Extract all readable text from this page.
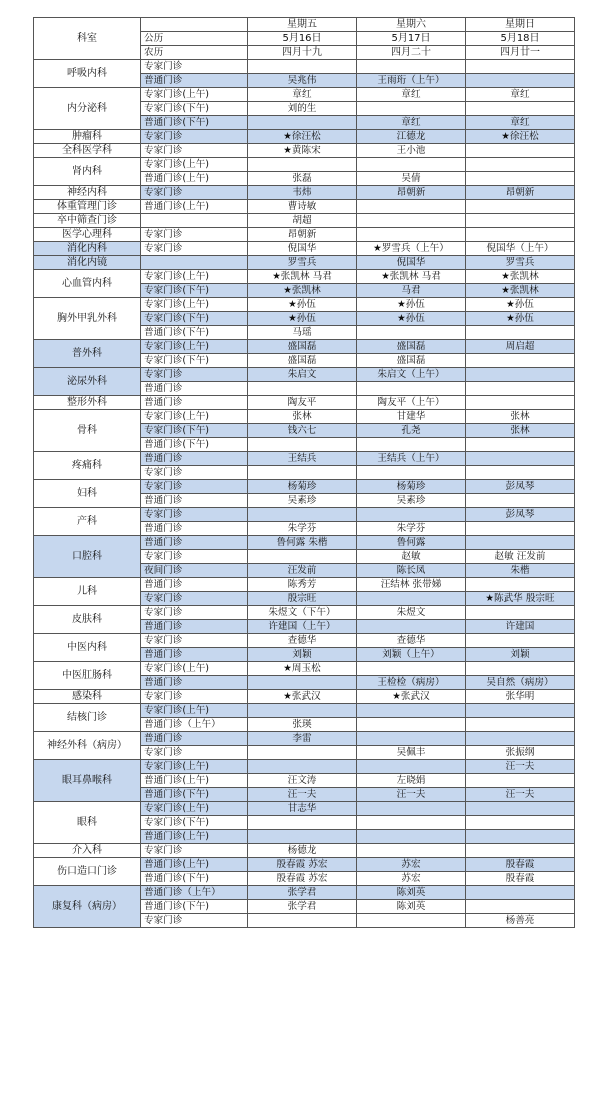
科室		星期五	星期六	星期日
	公历	5月16日	5月17日	5月18日
	农历	四月十九	四月二十	四月廿一
呼吸内科	专家门诊			
	普通门诊	吴兆伟	王雨珩（上午）	
内分泌科	专家门诊(上午)	章红	章红	章红
	专家门诊(下午)	刘的生		
	普通门诊(下午)		章红	章红
肿瘤科	专家门诊	★徐汪松	江德龙	★徐汪松
全科医学科	专家门诊	★黄陈宋	王小池	
肾内科	专家门诊(上午)			
	普通门诊(上午)	张磊	吴倩	
神经内科	专家门诊	韦炜	昂朝新	昂朝新
体重管理门诊	普通门诊(上午)	曹诗敏		
卒中筛查门诊		胡超		
医学心理科	专家门诊	昂朝新		
消化内科	专家门诊	倪国华	★罗雪兵（上午）	倪国华（上午）
消化内镜		罗雪兵	倪国华	罗雪兵
心血管内科	专家门诊(上午)	★张凯林 马君	★张凯林 马君	★张凯林
	专家门诊(下午)	★张凯林	马君	★张凯林
胸外甲乳外科	专家门诊(上午)	★孙伍	★孙伍	★孙伍
	专家门诊(下午)	★孙伍	★孙伍	★孙伍
	普通门诊(下午)	马瑶		
普外科	专家门诊(上午)	盛国磊	盛国磊	周启超
	专家门诊(下午)	盛国磊	盛国磊	
泌尿外科	专家门诊	朱启文	朱启文（上午）	
	普通门诊			
整形外科	普通门诊	陶友平	陶友平（上午）	
骨科	专家门诊(上午)	张林	甘建华	张林
	专家门诊(下午)	钱六七	孔尧	张林
	普通门诊(下午)			
疼痛科	普通门诊	王结兵	王结兵（上午）	
	专家门诊			
妇科	专家门诊	杨菊珍	杨菊珍	彭凤琴
	普通门诊	吴素珍	吴素珍	
产科	专家门诊			彭凤琴
	普通门诊	朱学芬	朱学芬	
口腔科	普通门诊	鲁何露 朱楷	鲁何露	
	专家门诊		赵敏	赵敏 汪发前
	夜间门诊	汪发前	陈长凤	朱楷
儿科	普通门诊	陈秀芳	汪结林 张带娣	
	专家门诊	殷宗旺		★陈武华 殷宗旺
皮肤科	专家门诊	朱煜文（下午）	朱煜文	
	普通门诊	许建国（上午）		许建国
中医内科	专家门诊	查德华	查德华	
	普通门诊	刘颖	刘颖（上午）	刘颖
中医肛肠科	专家门诊(上午)	★周玉松		
	普通门诊		王检检（病房）	吴自然（病房）
感染科	专家门诊	★张武汉	★张武汉	张华明
结核门诊	专家门诊(上午)			
	普通门诊（上午）	张瑛		
神经外科（病房）	普通门诊	李雷		
	专家门诊		吴佩丰	张振纲
眼耳鼻喉科	专家门诊(上午)			汪一夫
	普通门诊(上午)	汪文涛	左晓娟	
	普通门诊(下午)	汪一夫	汪一夫	汪一夫
眼科	专家门诊(上午)	甘志华		
	专家门诊(下午)			
	普通门诊(上午)			
介入科	专家门诊	杨德龙		
伤口造口门诊	普通门诊(上午)	殷春霞 苏宏	苏宏	殷春霞
	普通门诊(下午)	殷春霞 苏宏	苏宏	殷春霞
康复科（病房）	普通门诊（上午）	张学君	陈刘英	
	普通门诊(下午)	张学君	陈刘英	
	专家门诊			杨善亮
